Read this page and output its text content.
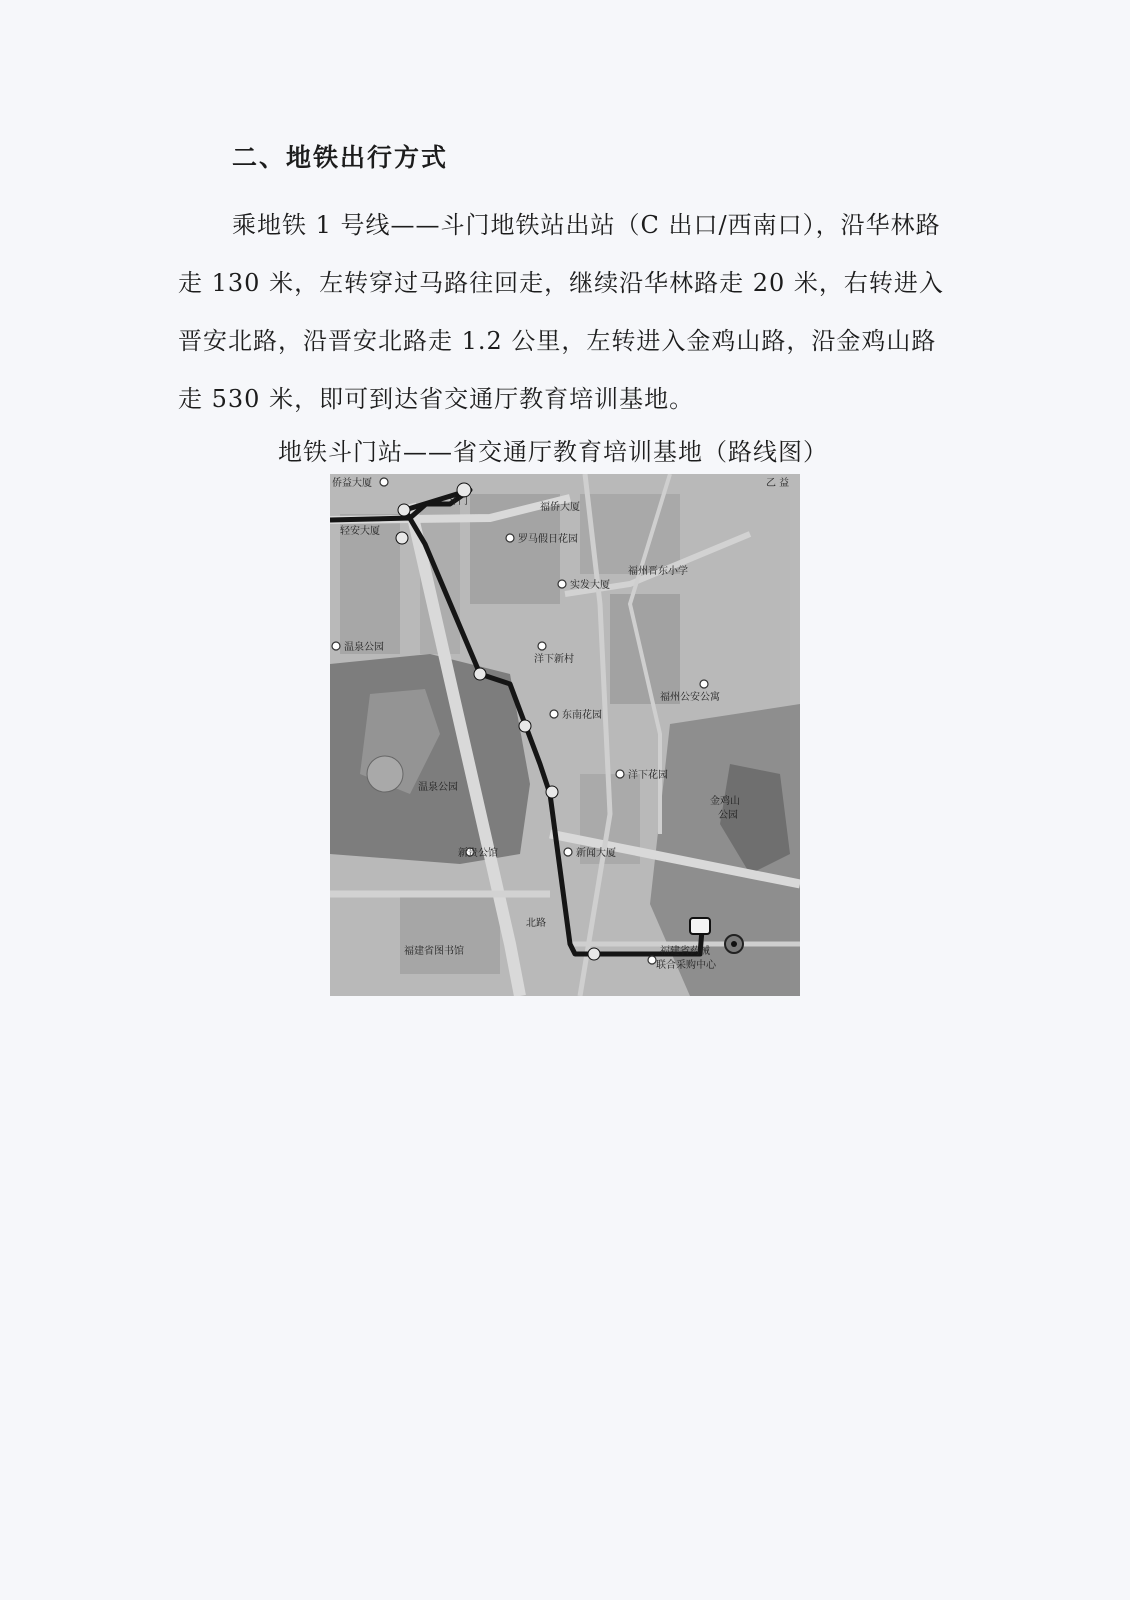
二、地铁出行方式
乘地铁 1 号线——斗门地铁站出站（C 出口/西南口），沿华林路
走 130 米，左转穿过马路往回走，继续沿华林路走 20 米，右转进入
晋安北路，沿晋安北路走 1.2 公里，左转进入金鸡山路，沿金鸡山路
走 530 米，即可到达省交通厅教育培训基地。
地铁斗门站——省交通厅教育培训基地（路线图）
侨益大厦
斗门
福侨大厦
轻安大厦
罗马假日花园
福州晋东小学
实发大厦
温泉公园
洋下新村
福州公安公寓
东南花园
洋下花园
金鸡山
公园
温泉公园
新贵公馆	新闻大厦
北路
福建省图书馆	福建省药械
联合采购中心
乙 益
